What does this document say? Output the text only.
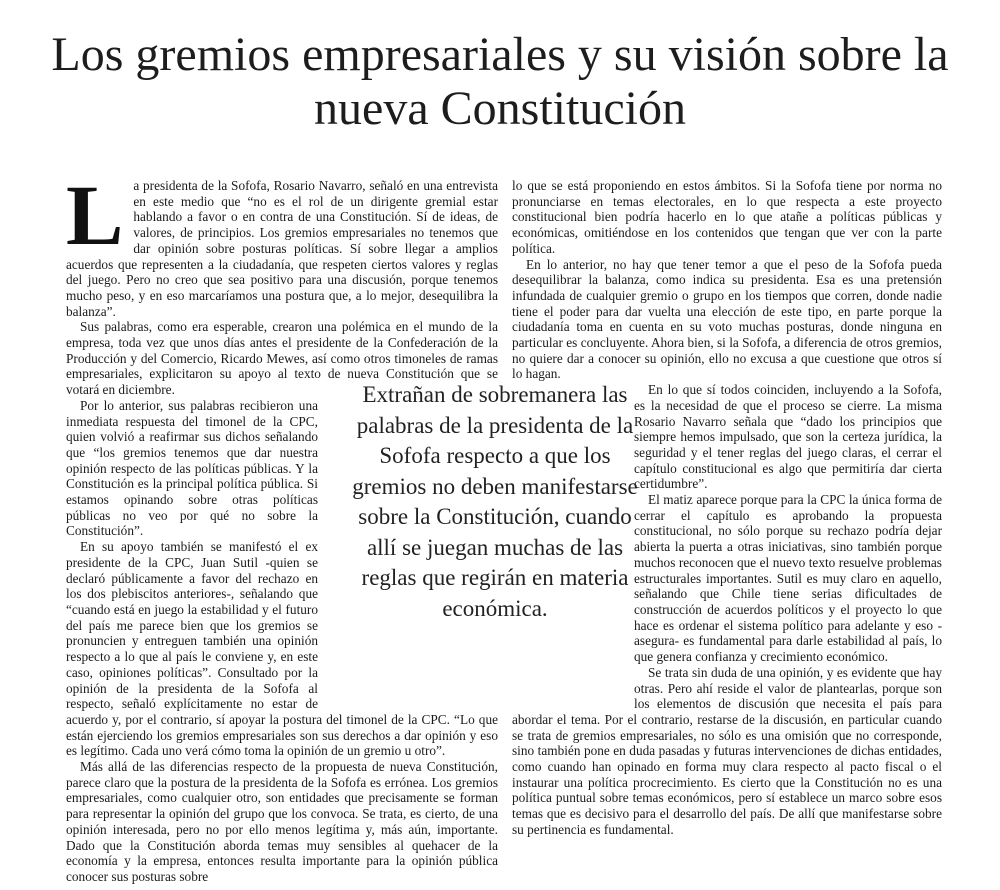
Los gremios empresariales y su visión sobre la nueva Constitución
L a presidenta de la Sofofa, Rosario Navarro, señaló en una entrevista en este medio que “no es el rol de un dirigente gremial estar hablando a favor o en contra de una Constitución. Sí de ideas, de valores, de principios. Los gremios empresariales no tenemos que dar opinión sobre posturas políticas. Sí sobre llegar a amplios acuerdos que representen a la ciudadanía, que respeten ciertos valores y reglas del juego. Pero no creo que sea positivo para una discusión, porque tenemos mucho peso, y en eso marcaríamos una postura que, a lo mejor, desequilibra la balanza”.

Sus palabras, como era esperable, crearon una polémica en el mundo de la empresa, toda vez que unos días antes el presidente de la Confederación de la Producción y del Comercio, Ricardo Mewes, así como otros timoneles de ramas empresariales, explicitaron su apoyo al texto de nueva Constitución que se votará en diciembre.

Por lo anterior, sus palabras recibieron una inmediata respuesta del timonel de la CPC, quien volvió a reafirmar sus dichos señalando que “los gremios tenemos que dar nuestra opinión respecto de las políticas públicas. Y la Constitución es la principal política pública. Si estamos opinando sobre otras políticas públicas no veo por qué no sobre la Constitución”.

En su apoyo también se manifestó el ex presidente de la CPC, Juan Sutil -quien se declaró públicamente a favor del rechazo en los dos plebiscitos anteriores-, señalando que “cuando está en juego la estabilidad y el futuro del país me parece bien que los gremios se pronuncien y entreguen también una opinión respecto a lo que al país le conviene y, en este caso, opiniones políticas”. Consultado por la opinión de la presidenta de la Sofofa al respecto, señaló explícitamente no estar de acuerdo y, por el contrario, sí apoyar la postura del timonel de la CPC. “Lo que están ejerciendo los gremios empresariales son sus derechos a dar opinión y eso es legítimo. Cada uno verá cómo toma la opinión de un gremio u otro”.

Más allá de las diferencias respecto de la propuesta de nueva Constitución, parece claro que la postura de la presidenta de la Sofofa es errónea. Los gremios empresariales, como cualquier otro, son entidades que precisamente se forman para representar la opinión del grupo que los convoca. Se trata, es cierto, de una opinión interesada, pero no por ello menos legítima y, más aún, importante. Dado que la Constitución aborda temas muy sensibles al quehacer de la economía y la empresa, entonces resulta importante para la opinión pública conocer sus posturas sobre

lo que se está proponiendo en estos ámbitos. Si la Sofofa tiene por norma no pronunciarse en temas electorales, en lo que respecta a este proyecto constitucional bien podría hacerlo en lo que atañe a políticas públicas y económicas, omitiéndose en los contenidos que tengan que ver con la parte política.

En lo anterior, no hay que tener temor a que el peso de la Sofofa pueda desequilibrar la balanza, como indica su presidenta. Esa es una pretensión infundada de cualquier gremio o grupo en los tiempos que corren, donde nadie tiene el poder para dar vuelta una elección de este tipo, en parte porque la ciudadanía toma en cuenta en su voto muchas posturas, donde ninguna en particular es concluyente. Ahora bien, si la Sofofa, a diferencia de otros gremios, no quiere dar a conocer su opinión, ello no excusa a que cuestione que otros sí lo hagan.

En lo que sí todos coinciden, incluyendo a la Sofofa, es la necesidad de que el proceso se cierre. La misma Rosario Navarro señala que “dado los principios que siempre hemos impulsado, que son la certeza jurídica, la seguridad y el tener reglas del juego claras, el cerrar el capítulo constitucional es algo que permitiría dar cierta certidumbre”.

El matiz aparece porque para la CPC la única forma de cerrar el capítulo es aprobando la propuesta constitucional, no sólo porque su rechazo podría dejar abierta la puerta a otras iniciativas, sino también porque muchos reconocen que el nuevo texto resuelve problemas estructurales importantes. Sutil es muy claro en aquello, señalando que Chile tiene serias dificultades de construcción de acuerdos políticos y el proyecto lo que hace es ordenar el sistema político para adelante y eso -asegura- es fundamental para darle estabilidad al país, lo que genera confianza y crecimiento económico.

Se trata sin duda de una opinión, y es evidente que hay otras. Pero ahí reside el valor de plantearlas, porque son los elementos de discusión que necesita el país para abordar el tema. Por el contrario, restarse de la discusión, en particular cuando se trata de gremios empresariales, no sólo es una omisión que no corresponde, sino también pone en duda pasadas y futuras intervenciones de dichas entidades, como cuando han opinado en forma muy clara respecto al pacto fiscal o el instaurar una política procrecimiento. Es cierto que la Constitución no es una política puntual sobre temas económicos, pero sí establece un marco sobre esos temas que es decisivo para el desarrollo del país. De allí que manifestarse sobre su pertinencia es fundamental.

Extrañan de sobremanera las palabras de la presidenta de la Sofofa respecto a que los gremios no deben manifestarse sobre la Constitución, cuando allí se juegan muchas de las reglas que regirán en materia económica.
